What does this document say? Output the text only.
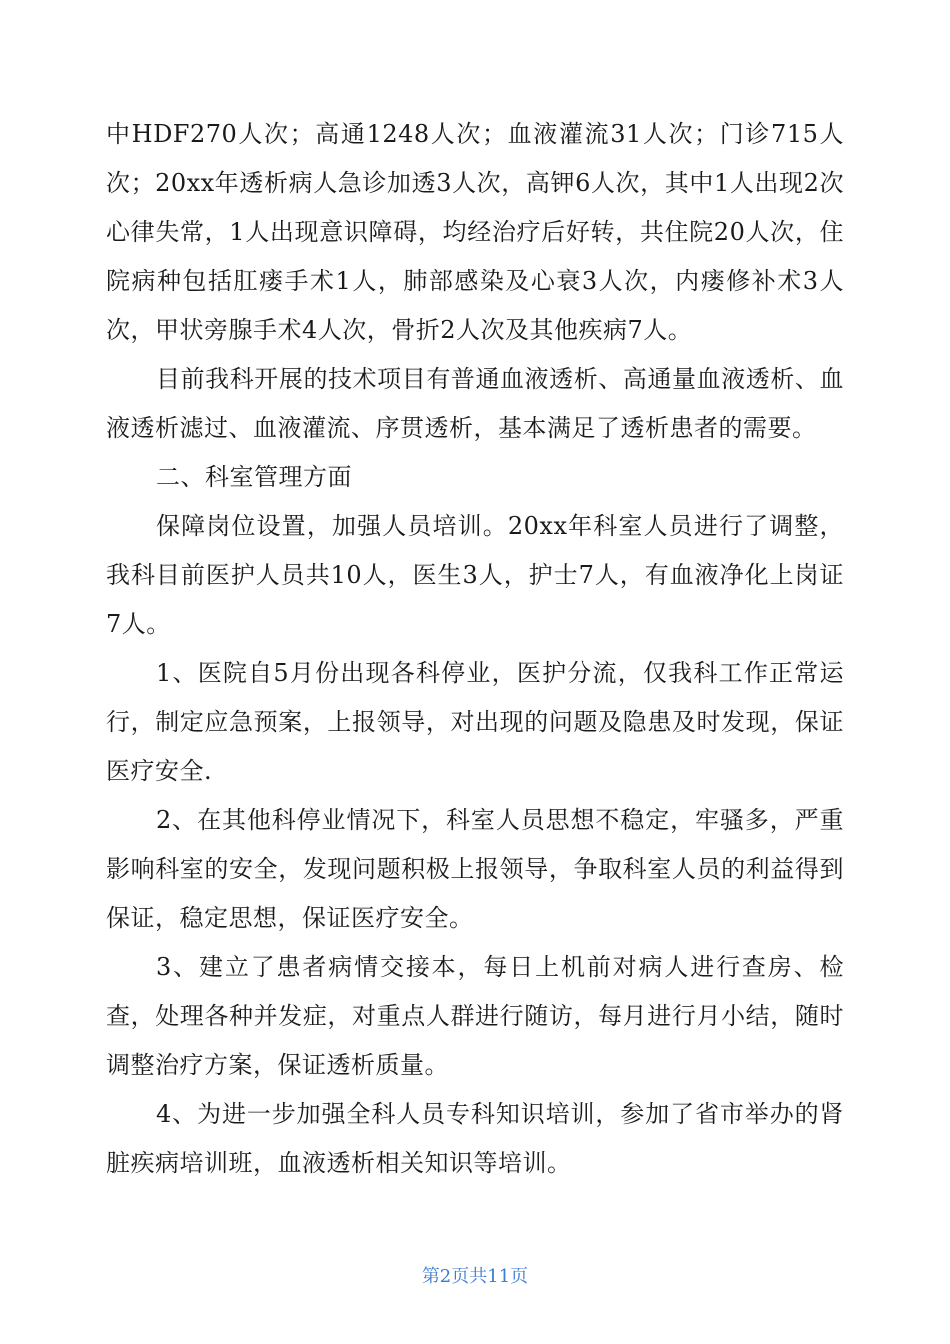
中HDF270人次；高通1248人次；血液灌流31人次；门诊715人次；20xx年透析病人急诊加透3人次，高钾6人次，其中1人出现2次心律失常，1人出现意识障碍，均经治疗后好转，共住院20人次，住院病种包括肛瘘手术1人，肺部感染及心衰3人次，内瘘修补术3人次，甲状旁腺手术4人次，骨折2人次及其他疾病7人。

目前我科开展的技术项目有普通血液透析、高通量血液透析、血液透析滤过、血液灌流、序贯透析，基本满足了透析患者的需要。

二、科室管理方面

保障岗位设置，加强人员培训。20xx年科室人员进行了调整，我科目前医护人员共10人，医生3人，护士7人，有血液净化上岗证7人。

1、医院自5月份出现各科停业，医护分流，仅我科工作正常运行，制定应急预案，上报领导，对出现的问题及隐患及时发现，保证医疗安全.

2、在其他科停业情况下，科室人员思想不稳定，牢骚多，严重影响科室的安全，发现问题积极上报领导，争取科室人员的利益得到保证，稳定思想，保证医疗安全。

3、建立了患者病情交接本，每日上机前对病人进行查房、检查，处理各种并发症，对重点人群进行随访，每月进行月小结，随时调整治疗方案，保证透析质量。

4、为进一步加强全科人员专科知识培训，参加了省市举办的肾脏疾病培训班，血液透析相关知识等培训。

第2页共11页
